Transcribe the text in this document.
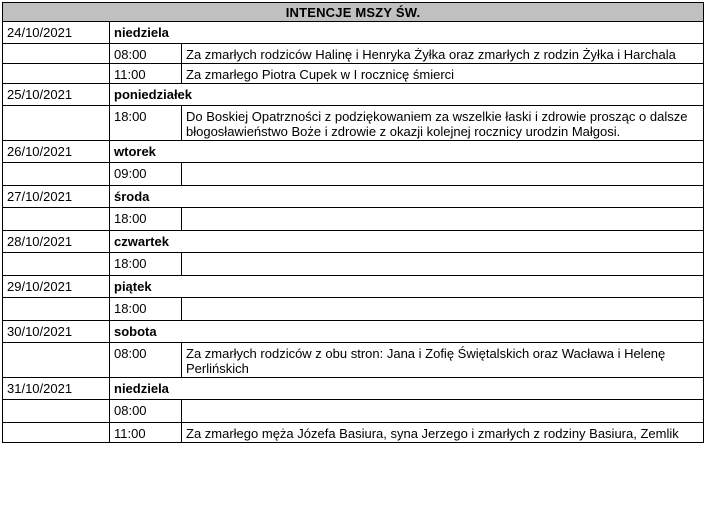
INTENCJE MSZY ŚW.		
24/10/2021	niedziela	
	08:00	Za zmarłych rodziców Halinę i Henryka Żyłka oraz zmarłych z rodzin Żyłka i Harchala
	11:00	Za zmarłego Piotra Cupek w I rocznicę śmierci
25/10/2021	poniedziałek	
	18:00	Do Boskiej Opatrzności z podziękowaniem za wszelkie łaski i zdrowie prosząc o dalsze błogosławieństwo Boże i zdrowie z okazji kolejnej rocznicy urodzin Małgosi.
26/10/2021	wtorek	
	09:00	
27/10/2021	środa	
	18:00	
28/10/2021	czwartek	
	18:00	
29/10/2021	piątek	
	18:00	
30/10/2021	sobota	
	08:00	Za zmarłych rodziców z obu stron: Jana i Zofię Świętalskich oraz Wacława i Helenę Perlińskich
31/10/2021	niedziela	
	08:00	
	11:00	Za zmarłego męża Józefa Basiura, syna Jerzego i zmarłych z rodziny Basiura, Zemlik
